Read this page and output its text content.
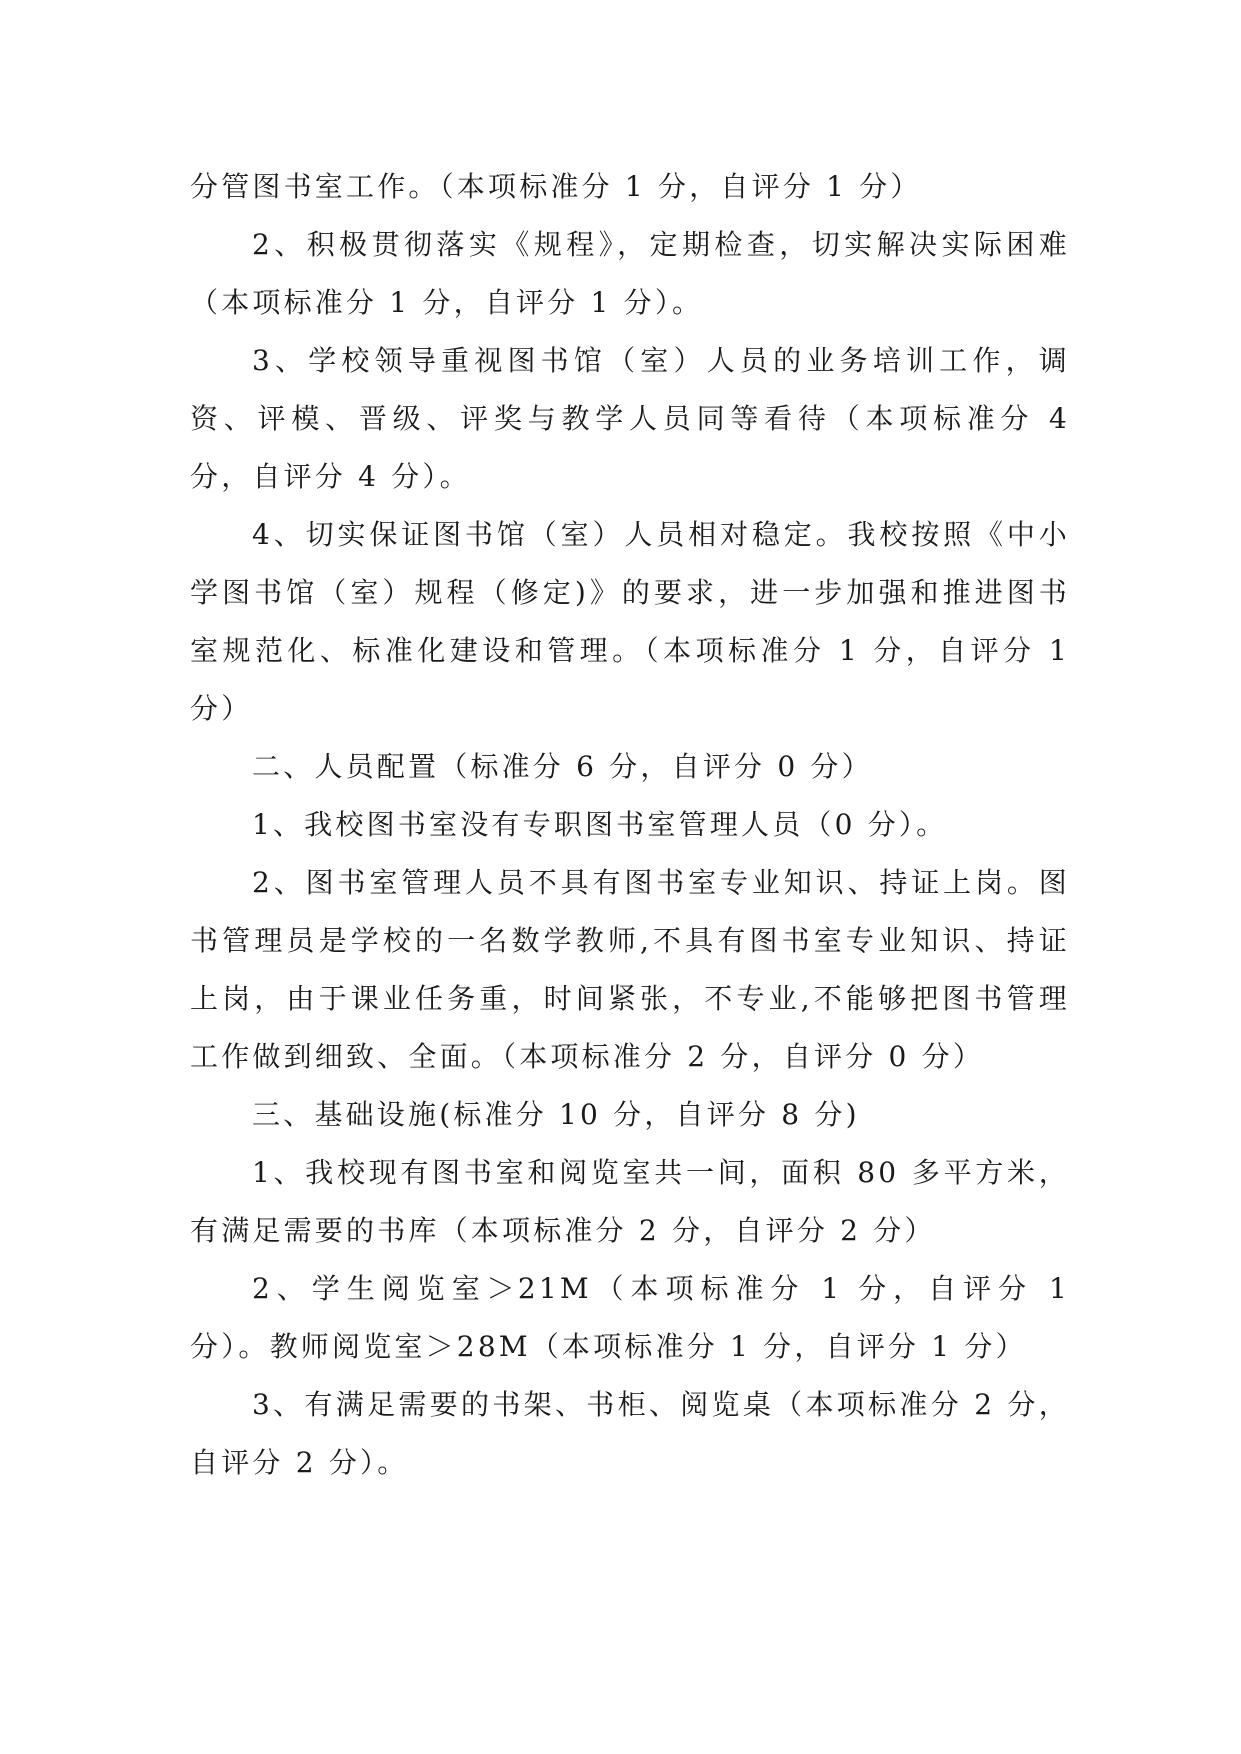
分管图书室工作。（本项标准分 1 分，自评分 1 分）

2、积极贯彻落实《规程》，定期检查，切实解决实际困难（本项标准分 1 分，自评分 1 分）。

3、学校领导重视图书馆（室）人员的业务培训工作，调资、评模、晋级、评奖与教学人员同等看待（本项标准分 4 分，自评分 4 分）。

4、切实保证图书馆（室）人员相对稳定。我校按照《中小学图书馆（室）规程（修定)》的要求，进一步加强和推进图书室规范化、标准化建设和管理。（本项标准分 1 分，自评分 1 分）

二、人员配置（标准分 6 分，自评分 0 分）

1、我校图书室没有专职图书室管理人员（0 分）。

2、图书室管理人员不具有图书室专业知识、持证上岗。图书管理员是学校的一名数学教师,不具有图书室专业知识、持证上岗，由于课业任务重，时间紧张，不专业,不能够把图书管理工作做到细致、全面。（本项标准分 2 分，自评分 0 分）

三、基础设施(标准分 10 分，自评分 8 分)

1、我校现有图书室和阅览室共一间，面积 80 多平方米，有满足需要的书库（本项标准分 2 分，自评分 2 分）

2、学生阅览室＞21M（本项标准分 1 分，自评分 1 分）。教师阅览室＞28M（本项标准分 1 分，自评分 1 分）

3、有满足需要的书架、书柜、阅览桌（本项标准分 2 分，自评分 2 分）。
